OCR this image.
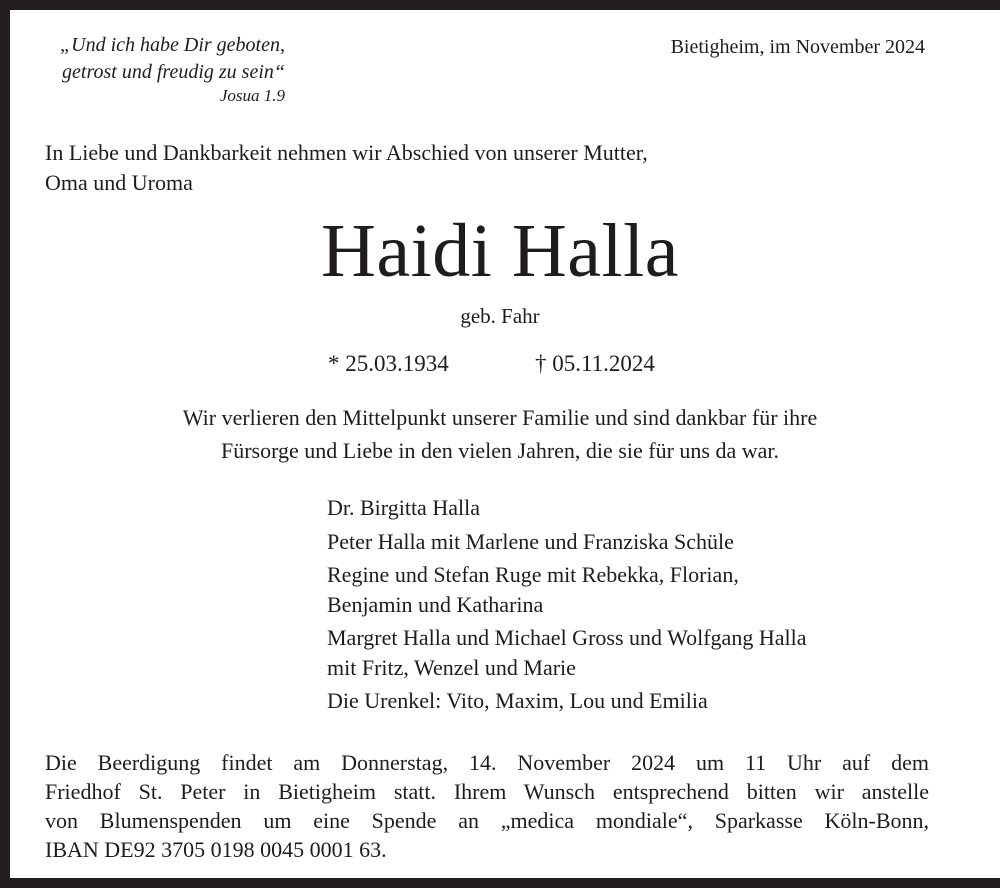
„Und ich habe Dir geboten,
getrost und freudig zu sein“
Josua 1.9
Bietigheim, im November 2024
In Liebe und Dankbarkeit nehmen wir Abschied von unserer Mutter,
Oma und Uroma
Haidi Halla
geb. Fahr
* 25.03.1934	† 05.11.2024
Wir verlieren den Mittelpunkt unserer Familie und sind dankbar für ihre
Fürsorge und Liebe in den vielen Jahren, die sie für uns da war.
Dr. Birgitta Halla
Peter Halla mit Marlene und Franziska Schüle
Regine und Stefan Ruge mit Rebekka, Florian,
Benjamin und Katharina
Margret Halla und Michael Gross und Wolfgang Halla
mit Fritz, Wenzel und Marie
Die Urenkel: Vito, Maxim, Lou und Emilia
Die Beerdigung findet am Donnerstag, 14. November 2024 um 11 Uhr auf dem
Friedhof St. Peter in Bietigheim statt. Ihrem Wunsch entsprechend bitten wir anstelle
von Blumenspenden um eine Spende an „medica mondiale“, Sparkasse Köln-Bonn,
IBAN DE92 3705 0198 0045 0001 63.
